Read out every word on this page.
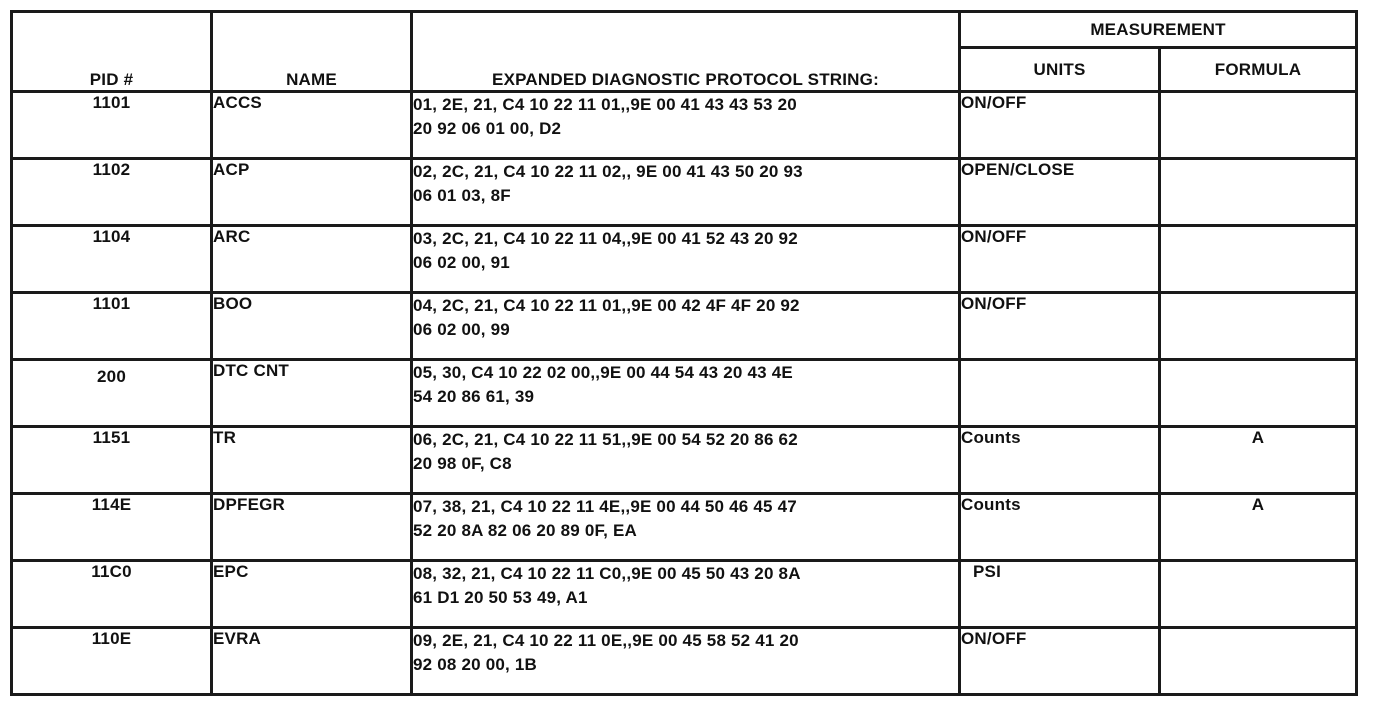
PID #	NAME	EXPANDED DIAGNOSTIC PROTOCOL STRING:	MEASUREMENT	
			UNITS	FORMULA
1101	ACCS	01, 2E, 21, C4 10 22 11 01,,9E 00 41 43 43 53 20
20 92 06 01 00, D2	ON/OFF	
1102	ACP	02, 2C, 21, C4 10 22 11 02,, 9E 00 41 43 50 20 93
06 01 03, 8F	OPEN/CLOSE	
1104	ARC	03, 2C, 21, C4 10 22 11 04,,9E 00 41 52 43 20 92
06 02 00, 91	ON/OFF	
1101	BOO	04, 2C, 21, C4 10 22 11 01,,9E 00 42 4F 4F 20 92
06 02 00, 99	ON/OFF	
200	DTC CNT	05, 30, C4 10 22 02 00,,9E 00 44 54 43 20 43 4E
54 20 86 61, 39		

1151	TR	06, 2C, 21, C4 10 22 11 51,,9E 00 54 52 20 86 62
20 98 0F, C8	Counts	A
114E	DPFEGR	07, 38, 21, C4 10 22 11 4E,,9E 00 44 50 46 45 47
52 20 8A 82 06 20 89 0F, EA	Counts	A
11C0	EPC	08, 32, 21, C4 10 22 11 C0,,9E 00 45 50 43 20 8A
61 D1 20 50 53 49, A1	PSI	
110E	EVRA	09, 2E, 21, C4 10 22 11 0E,,9E 00 45 58 52 41 20
92 08 20 00, 1B	ON/OFF	
